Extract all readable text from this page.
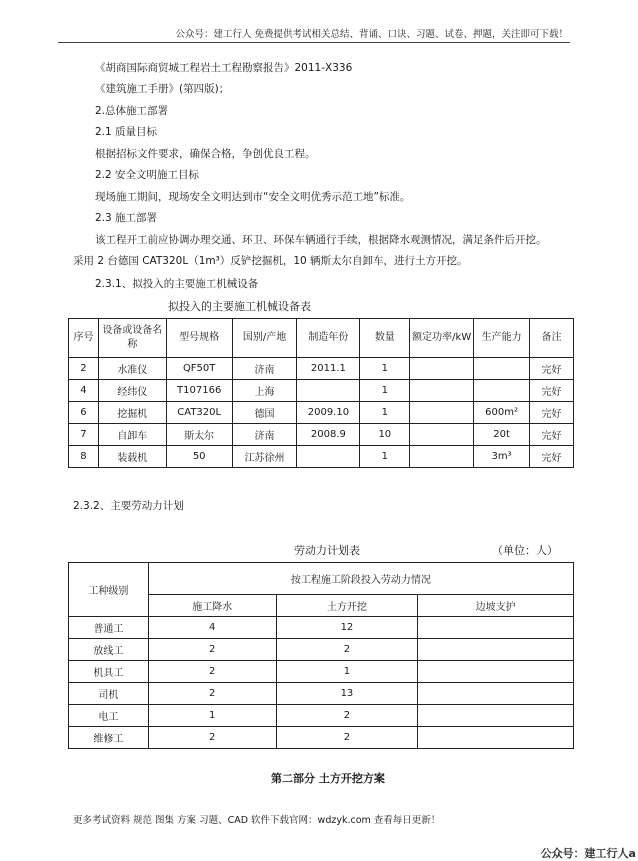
公众号：建工行人 免费提供考试相关总结、背诵、口诀、习题、试卷、押题，关注即可下载！
《胡商国际商贸城工程岩土工程勘察报告》2011-X336
《建筑施工手册》(第四版)；
2.总体施工部署
2.1 质量目标
根据招标文件要求，确保合格，争创优良工程。
2.2 安全文明施工目标
现场施工期间，现场安全文明达到市“安全文明优秀示范工地”标准。
2.3 施工部署
该工程开工前应协调办理交通、环卫、环保车辆通行手续，根据降水观测情况，满足条件后开挖。
采用 2 台德国 CAT320L（1m³）反铲挖掘机，10 辆斯太尔自卸车，进行土方开挖。
2.3.1、拟投入的主要施工机械设备
拟投入的主要施工机械设备表
序号	设备或设备名称	型号规格	国别/产地	制造年份	数量	额定功率/kW	生产能力	备注
2	水准仪	QF50T	济南	2011.1	1			完好
4	经纬仪	T107166	上海		1			完好
6	挖掘机	CAT320L	德国	2009.10	1		600m²	完好
7	自卸车	斯太尔	济南	2008.9	10		20t	完好
8	装载机	50	江苏徐州		1		3m³	完好
2.3.2、主要劳动力计划
劳动力计划表	（单位：人）
工种级别	按工程施工阶段投入劳动力情况		
	施工降水	土方开挖	边坡支护
普通工	4	12	
放线工	2	2	
机具工	2	1	
司机	2	13	
电工	1	2	
维修工	2	2	
第二部分 土方开挖方案
更多考试资料 规范 图集 方案 习题、CAD 软件下载官网：wdzyk.com 查看每日更新！
公众号：建工行人a
